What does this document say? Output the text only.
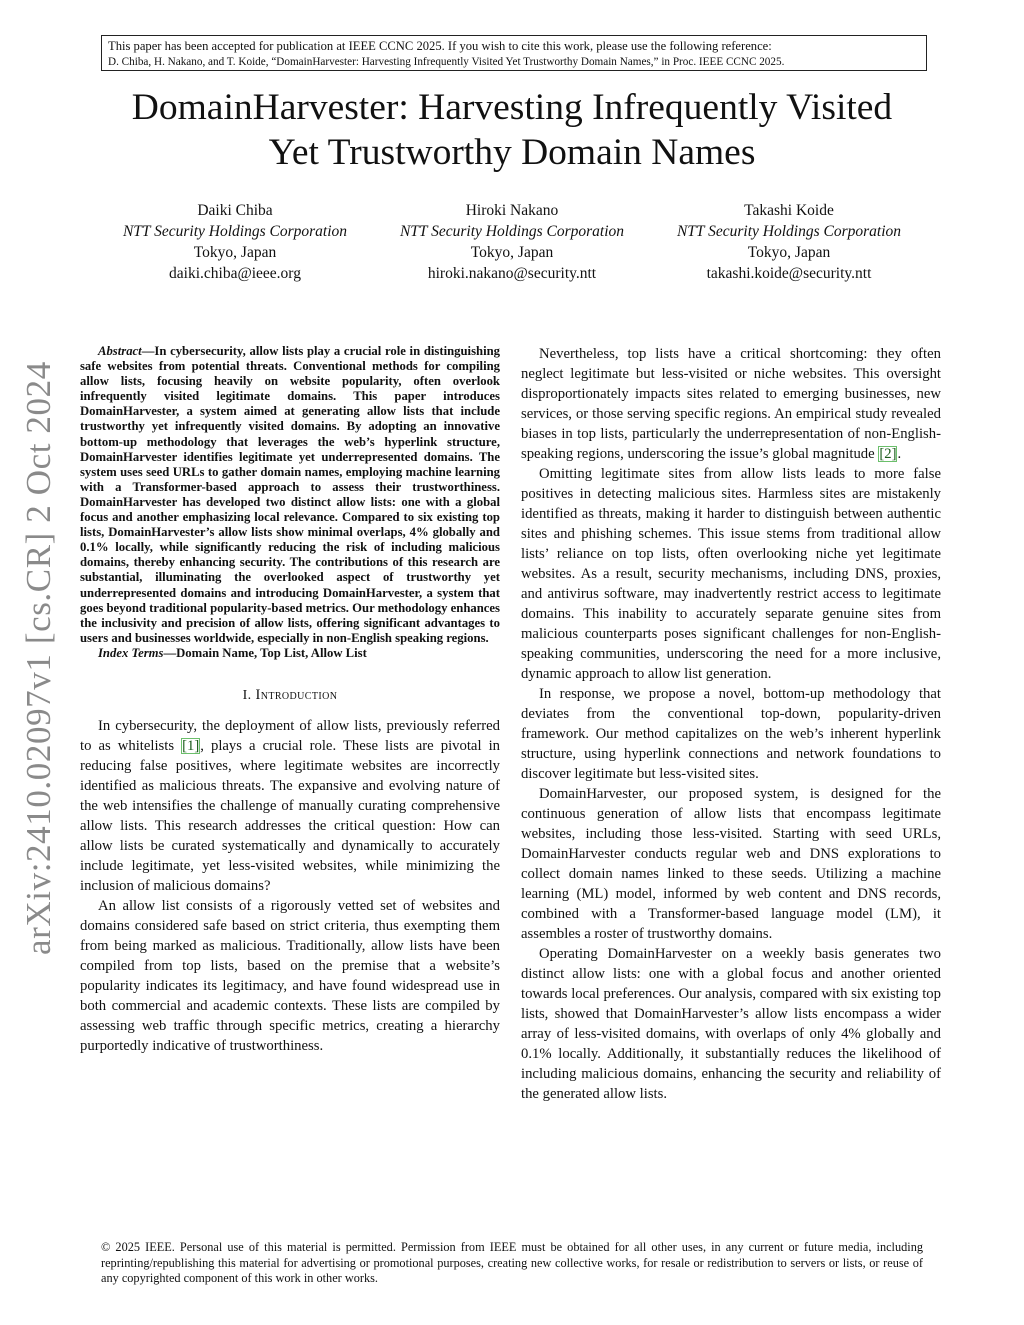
This paper has been accepted for publication at IEEE CCNC 2025. If you wish to cite this work, please use the following reference:
D. Chiba, H. Nakano, and T. Koide, “DomainHarvester: Harvesting Infrequently Visited Yet Trustworthy Domain Names,” in Proc. IEEE CCNC 2025.
arXiv:2410.02097v1 [cs.CR] 2 Oct 2024
DomainHarvester: Harvesting Infrequently Visited
Yet Trustworthy Domain Names
Daiki Chiba
NTT Security Holdings Corporation
Tokyo, Japan
daiki.chiba@ieee.org
Hiroki Nakano
NTT Security Holdings Corporation
Tokyo, Japan
hiroki.nakano@security.ntt
Takashi Koide
NTT Security Holdings Corporation
Tokyo, Japan
takashi.koide@security.ntt

Abstract—In cybersecurity, allow lists play a crucial role in distinguishing safe websites from potential threats. Conventional methods for compiling allow lists, focusing heavily on website popularity, often overlook infrequently visited legitimate domains. This paper introduces DomainHarvester, a system aimed at generating allow lists that include trustworthy yet infrequently visited domains. By adopting an innovative bottom-up methodology that leverages the web’s hyperlink structure, DomainHarvester identifies legitimate yet underrepresented domains. The system uses seed URLs to gather domain names, employing machine learning with a Transformer-based approach to assess their trustworthiness. DomainHarvester has developed two distinct allow lists: one with a global focus and another emphasizing local relevance. Compared to six existing top lists, DomainHarvester’s allow lists show minimal overlaps, 4% globally and 0.1% locally, while significantly reducing the risk of including malicious domains, thereby enhancing security. The contributions of this research are substantial, illuminating the overlooked aspect of trustworthy yet underrepresented domains and introducing DomainHarvester, a system that goes beyond traditional popularity-based metrics. Our methodology enhances the inclusivity and precision of allow lists, offering significant advantages to users and businesses worldwide, especially in non-English speaking regions.

Index Terms—Domain Name, Top List, Allow List

I. Introduction

In cybersecurity, the deployment of allow lists, previously referred to as whitelists [1], plays a crucial role. These lists are pivotal in reducing false positives, where legitimate websites are incorrectly identified as malicious threats. The expansive and evolving nature of the web intensifies the challenge of manually curating comprehensive allow lists. This research addresses the critical question: How can allow lists be curated systematically and dynamically to accurately include legitimate, yet less-visited websites, while minimizing the inclusion of malicious domains?

An allow list consists of a rigorously vetted set of websites and domains considered safe based on strict criteria, thus exempting them from being marked as malicious. Traditionally, allow lists have been compiled from top lists, based on the premise that a website’s popularity indicates its legitimacy, and have found widespread use in both commercial and academic contexts. These lists are compiled by assessing web traffic through specific metrics, creating a hierarchy purportedly indicative of trustworthiness.

Nevertheless, top lists have a critical shortcoming: they often neglect legitimate but less-visited or niche websites. This oversight disproportionately impacts sites related to emerging businesses, new services, or those serving specific regions. An empirical study revealed biases in top lists, particularly the underrepresentation of non-English-speaking regions, underscoring the issue’s global magnitude [2].

Omitting legitimate sites from allow lists leads to more false positives in detecting malicious sites. Harmless sites are mistakenly identified as threats, making it harder to distinguish between authentic sites and phishing schemes. This issue stems from traditional allow lists’ reliance on top lists, often overlooking niche yet legitimate websites. As a result, security mechanisms, including DNS, proxies, and antivirus software, may inadvertently restrict access to legitimate domains. This inability to accurately separate genuine sites from malicious counterparts poses significant challenges for non-English-speaking communities, underscoring the need for a more inclusive, dynamic approach to allow list generation.

In response, we propose a novel, bottom-up methodology that deviates from the conventional top-down, popularity-driven framework. Our method capitalizes on the web’s inherent hyperlink structure, using hyperlink connections and network foundations to discover legitimate but less-visited sites.

DomainHarvester, our proposed system, is designed for the continuous generation of allow lists that encompass legitimate websites, including those less-visited. Starting with seed URLs, DomainHarvester conducts regular web and DNS explorations to collect domain names linked to these seeds. Utilizing a machine learning (ML) model, informed by web content and DNS records, combined with a Transformer-based language model (LM), it assembles a roster of trustworthy domains.

Operating DomainHarvester on a weekly basis generates two distinct allow lists: one with a global focus and another oriented towards local preferences. Our analysis, compared with six existing top lists, showed that DomainHarvester’s allow lists encompass a wider array of less-visited domains, with overlaps of only 4% globally and 0.1% locally. Additionally, it substantially reduces the likelihood of including malicious domains, enhancing the security and reliability of the generated allow lists.

© 2025 IEEE. Personal use of this material is permitted. Permission from IEEE must be obtained for all other uses, in any current or future media, including reprinting/republishing this material for advertising or promotional purposes, creating new collective works, for resale or redistribution to servers or lists, or reuse of any copyrighted component of this work in other works.
